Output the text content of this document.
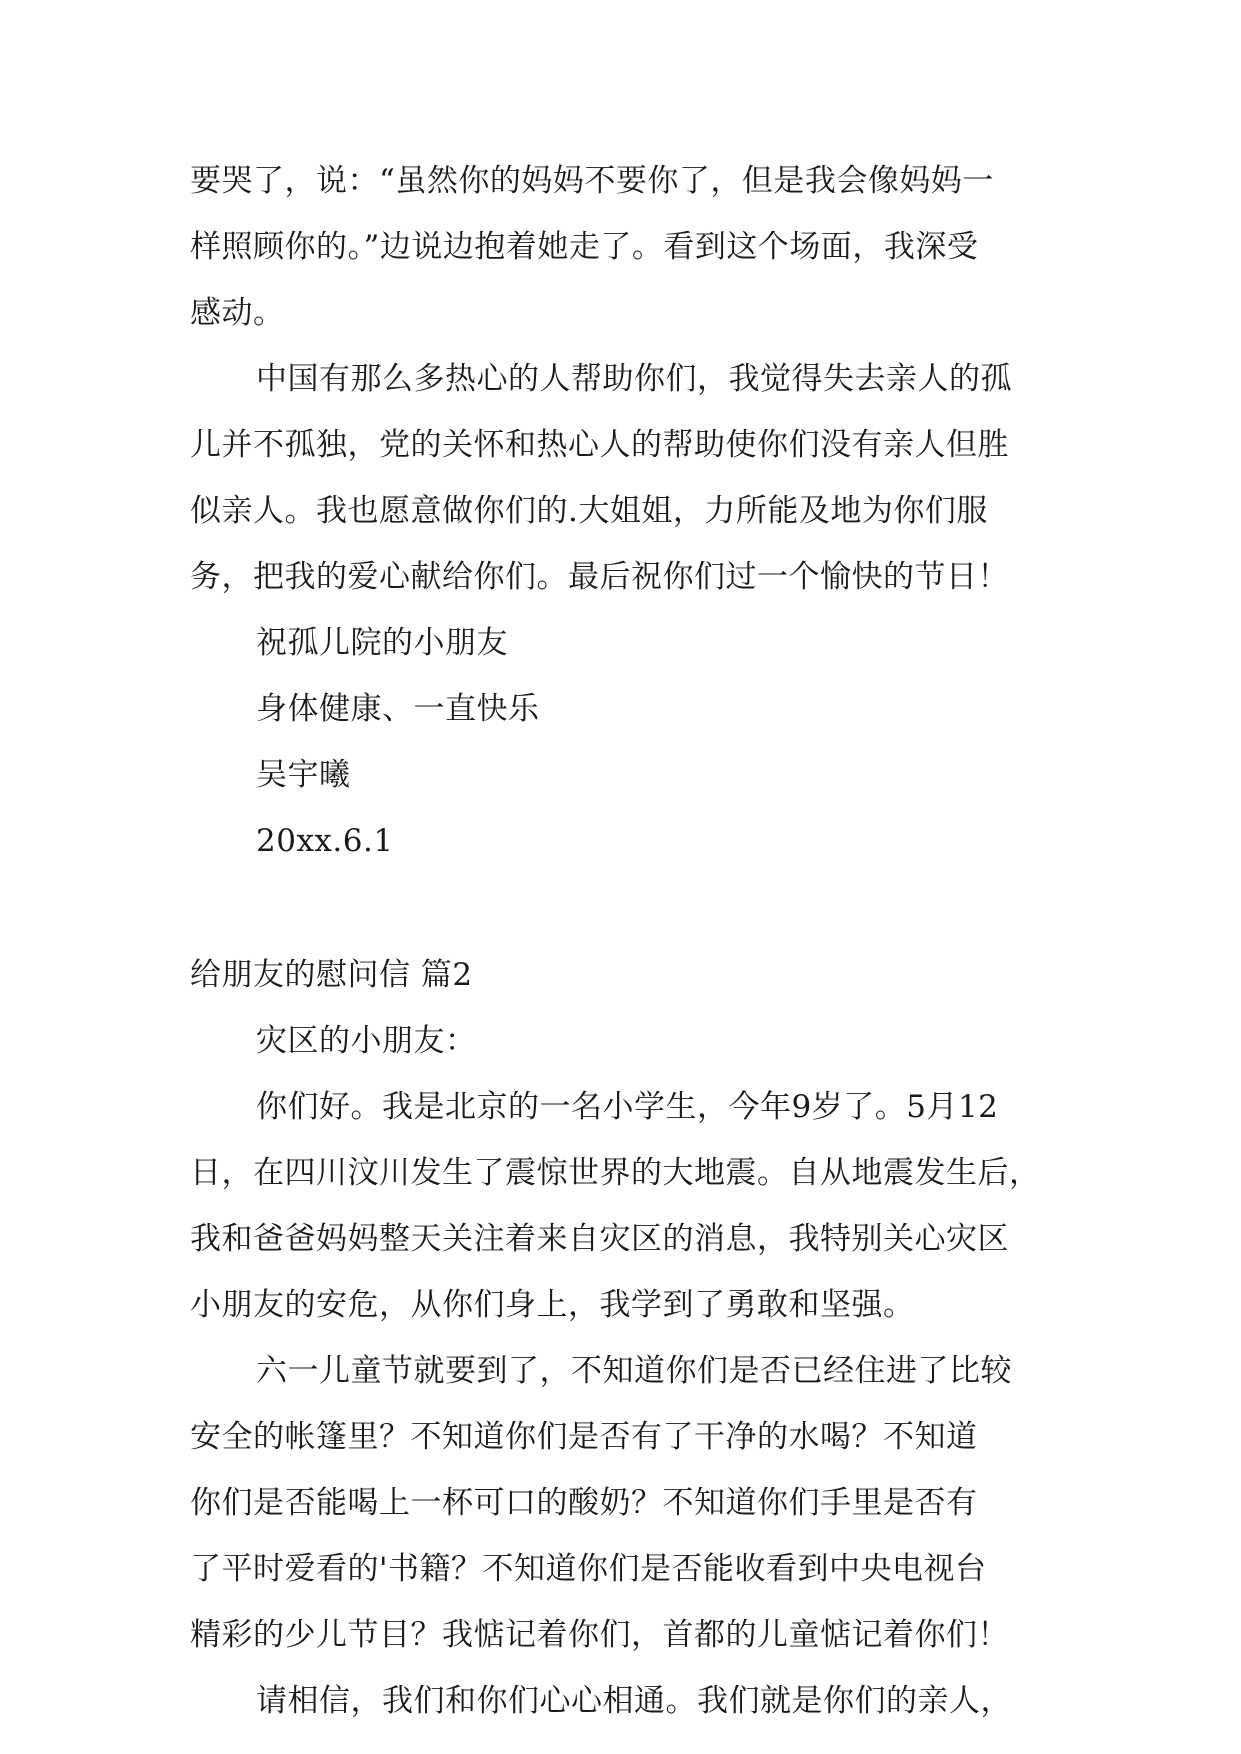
要哭了，说：“虽然你的妈妈不要你了，但是我会像妈妈一
样照顾你的。”边说边抱着她走了。看到这个场面，我深受
感动。
中国有那么多热心的人帮助你们，我觉得失去亲人的孤
儿并不孤独，党的关怀和热心人的帮助使你们没有亲人但胜
似亲人。我也愿意做你们的.大姐姐，力所能及地为你们服
务，把我的爱心献给你们。最后祝你们过一个愉快的节日！
祝孤儿院的小朋友
身体健康、一直快乐
吴宇曦
20xx.6.1
给朋友的慰问信 篇2
灾区的小朋友：
你们好。我是北京的一名小学生，今年9岁了。5月12
日，在四川汶川发生了震惊世界的大地震。自从地震发生后，
我和爸爸妈妈整天关注着来自灾区的消息，我特别关心灾区
小朋友的安危，从你们身上，我学到了勇敢和坚强。
六一儿童节就要到了，不知道你们是否已经住进了比较
安全的帐篷里？不知道你们是否有了干净的水喝？不知道
你们是否能喝上一杯可口的酸奶？不知道你们手里是否有
了平时爱看的'书籍？不知道你们是否能收看到中央电视台
精彩的少儿节目？我惦记着你们，首都的儿童惦记着你们！
请相信，我们和你们心心相通。我们就是你们的亲人，
